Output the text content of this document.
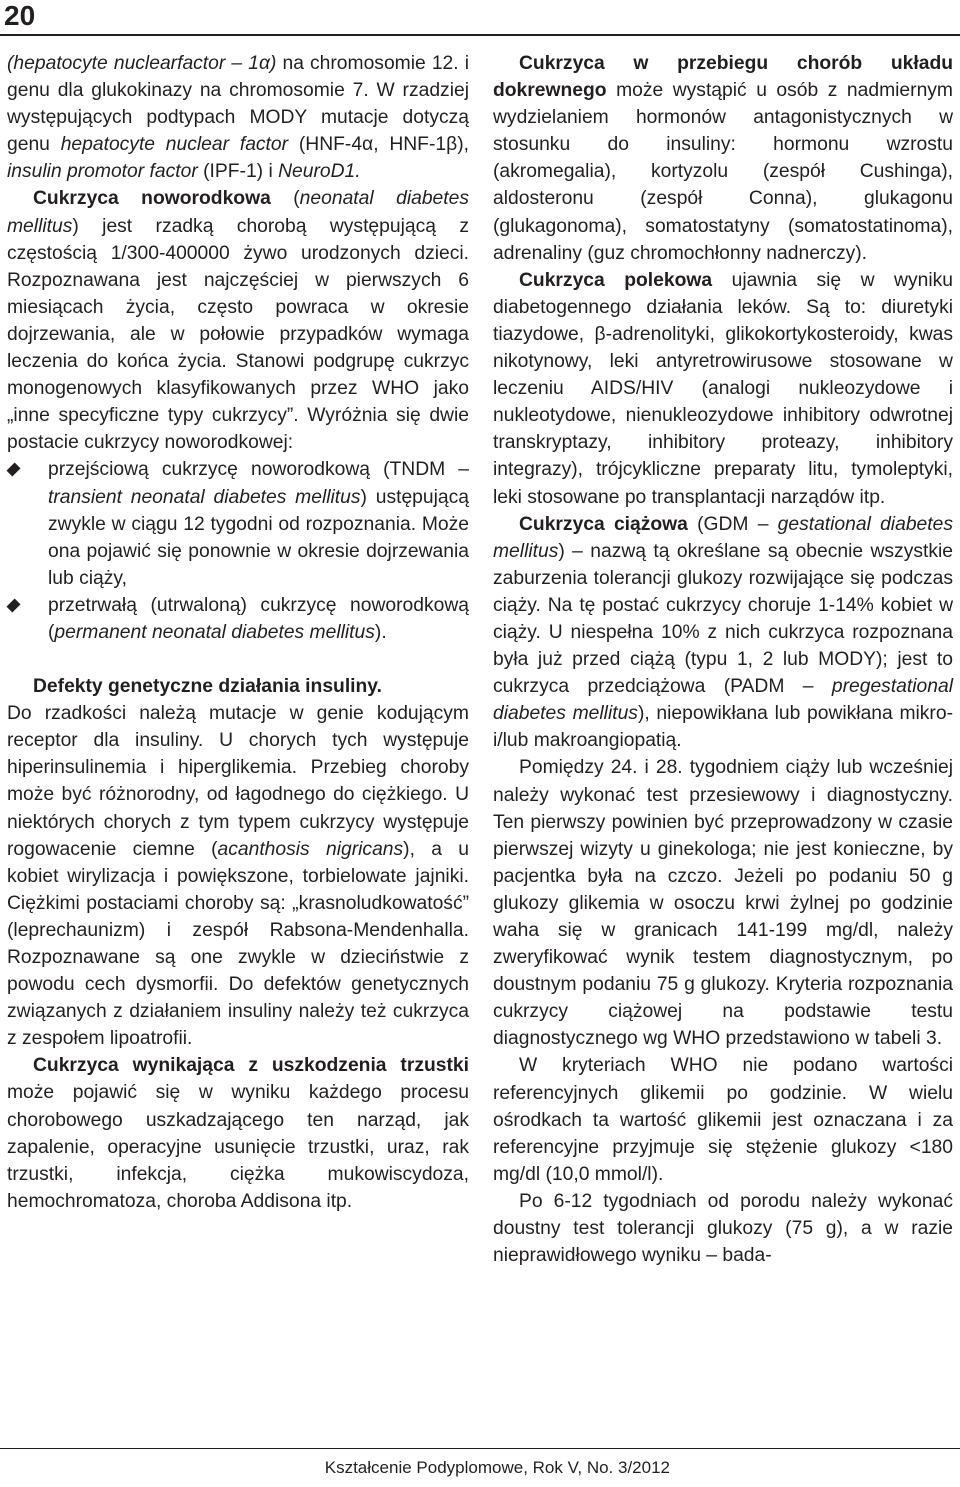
20

(hepatocyte nuclearfactor – 1α) na chromosomie 12. i genu dla glukokinazy na chromosomie 7. W rzadziej występujących podtypach MODY mutacje dotyczą genu hepatocyte nuclear factor (HNF-4α, HNF-1β), insulin promotor factor (IPF-1) i NeuroD1.

Cukrzyca noworodkowa (neonatal diabetes mellitus) jest rzadką chorobą występującą z częstością 1/300-400000 żywo urodzonych dzieci. Rozpoznawana jest najczęściej w pierwszych 6 miesiącach życia, często powraca w okresie dojrzewania, ale w połowie przypadków wymaga leczenia do końca życia. Stanowi podgrupę cukrzyc monogenowych klasyfikowanych przez WHO jako „inne specyficzne typy cukrzycy”. Wyróżnia się dwie postacie cukrzycy noworodkowej:

przejściową cukrzycę noworodkową (TNDM – transient neonatal diabetes mellitus) ustępującą zwykle w ciągu 12 tygodni od rozpoznania. Może ona pojawić się ponownie w okresie dojrzewania lub ciąży,
przetrwałą (utrwaloną) cukrzycę noworodkową (permanent neonatal diabetes mellitus).

Defekty genetyczne działania insuliny.

Do rzadkości należą mutacje w genie kodującym receptor dla insuliny. U chorych tych występuje hiperinsulinemia i hiperglikemia. Przebieg choroby może być różnorodny, od łagodnego do ciężkiego. U niektórych chorych z tym typem cukrzycy występuje rogowacenie ciemne (acanthosis nigricans), a u kobiet wirylizacja i powiększone, torbielowate jajniki. Ciężkimi postaciami choroby są: „krasnoludkowatość” (leprechaunizm) i zespół Rabsona-Mendenhalla. Rozpoznawane są one zwykle w dzieciństwie z powodu cech dysmorfii. Do defektów genetycznych związanych z działaniem insuliny należy też cukrzyca z zespołem lipoatrofii.

Cukrzyca wynikająca z uszkodzenia trzustki może pojawić się w wyniku każdego procesu chorobowego uszkadzającego ten narząd, jak zapalenie, operacyjne usunięcie trzustki, uraz, rak trzustki, infekcja, ciężka mukowiscydoza, hemochromatoza, choroba Addisona itp.

Cukrzyca w przebiegu chorób układu dokrewnego może wystąpić u osób z nadmiernym wydzielaniem hormonów antagonistycznych w stosunku do insuliny: hormonu wzrostu (akromegalia), kortyzolu (zespół Cushinga), aldosteronu (zespół Conna), glukagonu (glukagonoma), somatostatyny (somatostatinoma), adrenaliny (guz chromochłonny nadnerczy).

Cukrzyca polekowa ujawnia się w wyniku diabetogennego działania leków. Są to: diuretyki tiazydowe, β-adrenolityki, glikokortykosteroidy, kwas nikotynowy, leki antyretrowirusowe stosowane w leczeniu AIDS/HIV (analogi nukleozydowe i nukleotydowe, nienukleozydowe inhibitory odwrotnej transkryptazy, inhibitory proteazy, inhibitory integrazy), trójcykliczne preparaty litu, tymoleptyki, leki stosowane po transplantacji narządów itp.

Cukrzyca ciążowa (GDM – gestational diabetes mellitus) – nazwą tą określane są obecnie wszystkie zaburzenia tolerancji glukozy rozwijające się podczas ciąży. Na tę postać cukrzycy choruje 1-14% kobiet w ciąży. U niespełna 10% z nich cukrzyca rozpoznana była już przed ciążą (typu 1, 2 lub MODY); jest to cukrzyca przedciążowa (PADM – pregestational diabetes mellitus), niepowikłana lub powikłana mikro- i/lub makroangiopatią.

Pomiędzy 24. i 28. tygodniem ciąży lub wcześniej należy wykonać test przesiewowy i diagnostyczny. Ten pierwszy powinien być przeprowadzony w czasie pierwszej wizyty u ginekologa; nie jest konieczne, by pacjentka była na czczo. Jeżeli po podaniu 50 g glukozy glikemia w osoczu krwi żylnej po godzinie waha się w granicach 141-199 mg/dl, należy zweryfikować wynik testem diagnostycznym, po doustnym podaniu 75 g glukozy. Kryteria rozpoznania cukrzycy ciążowej na podstawie testu diagnostycznego wg WHO przedstawiono w tabeli 3.

W kryteriach WHO nie podano wartości referencyjnych glikemii po godzinie. W wielu ośrodkach ta wartość glikemii jest oznaczana i za referencyjne przyjmuje się stężenie glukozy <180 mg/dl (10,0 mmol/l).

Po 6-12 tygodniach od porodu należy wykonać doustny test tolerancji glukozy (75 g), a w razie nieprawidłowego wyniku – bada-

Kształcenie Podyplomowe, Rok V, No. 3/2012
